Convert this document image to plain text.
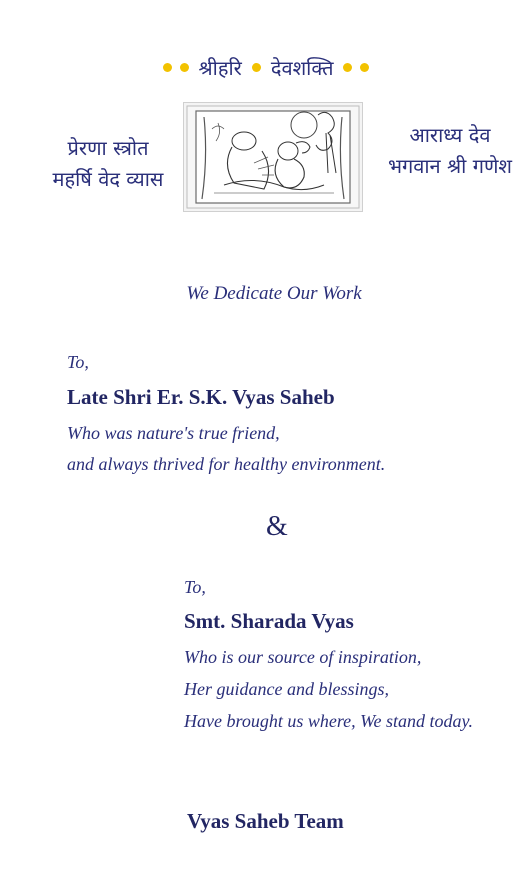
श्रीहरि देवशक्ति
प्रेरणा स्त्रोत
महर्षि वेद व्यास
आराध्य देव
भगवान श्री गणेश
We Dedicate Our Work
To,
Late Shri Er. S.K. Vyas Saheb
Who was nature's true friend,
and always thrived for healthy environment.
&
To,
Smt. Sharada Vyas
Who is our source of inspiration,
Her guidance and blessings,
Have brought us where, We stand today.
Vyas Saheb Team
